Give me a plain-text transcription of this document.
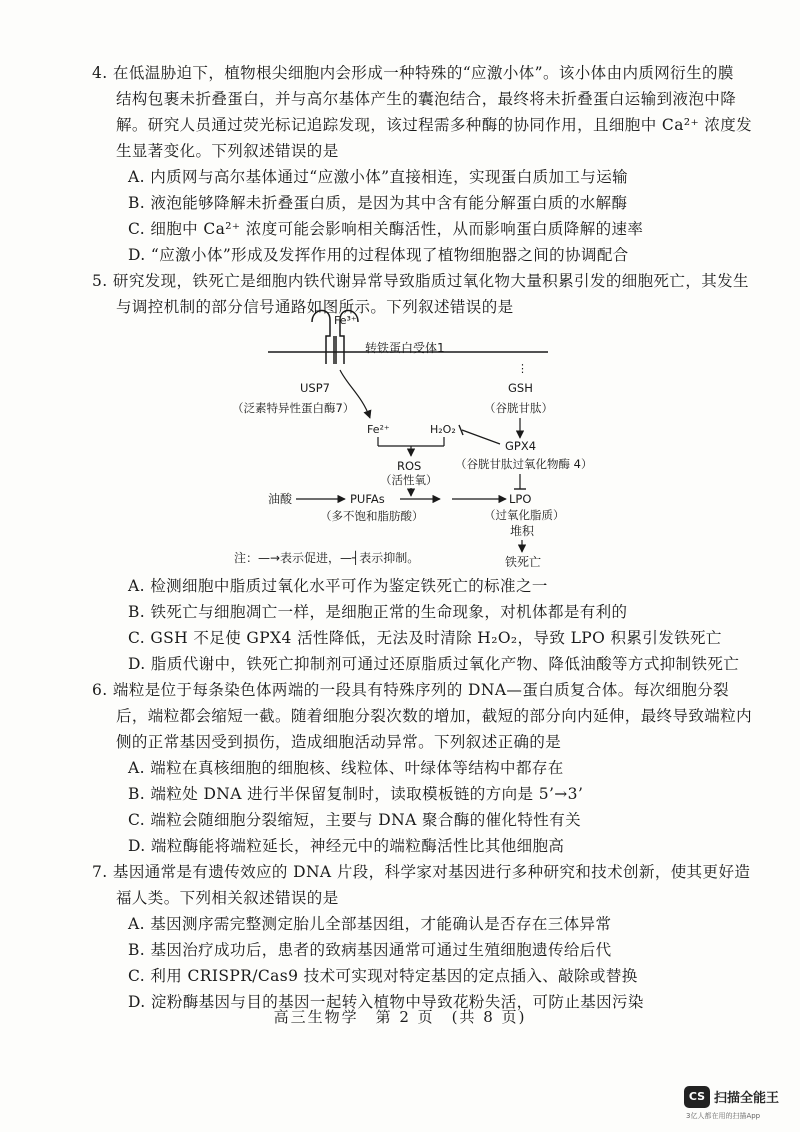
4. 在低温胁迫下，植物根尖细胞内会形成一种特殊的“应激小体”。该小体由内质网衍生的膜
结构包裹未折叠蛋白，并与高尔基体产生的囊泡结合，最终将未折叠蛋白运输到液泡中降
解。研究人员通过荧光标记追踪发现，该过程需多种酶的协同作用，且细胞中 Ca²⁺ 浓度发
生显著变化。下列叙述错误的是
A. 内质网与高尔基体通过“应激小体”直接相连，实现蛋白质加工与运输
B. 液泡能够降解未折叠蛋白质，是因为其中含有能分解蛋白质的水解酶
C. 细胞中 Ca²⁺ 浓度可能会影响相关酶活性，从而影响蛋白质降解的速率
D. “应激小体”形成及发挥作用的过程体现了植物细胞器之间的协调配合
5. 研究发现，铁死亡是细胞内铁代谢异常导致脂质过氧化物大量积累引发的细胞死亡，其发生
与调控机制的部分信号通路如图所示。下列叙述错误的是
Fe³⁺
转铁蛋白受体1
USP7
（泛素特异性蛋白酶7）
Fe²⁺	H₂O₂
⋮
GSH
（谷胱甘肽）
GPX4
（谷胱甘肽过氧化物酶 4）
ROS
（活性氧）
油酸	PUFAs
（多不饱和脂肪酸）
LPO
（过氧化脂质）
堆积
注：—→表示促进，—┤表示抑制。	铁死亡
A. 检测细胞中脂质过氧化水平可作为鉴定铁死亡的标准之一
B. 铁死亡与细胞凋亡一样，是细胞正常的生命现象，对机体都是有利的
C. GSH 不足使 GPX4 活性降低，无法及时清除 H₂O₂，导致 LPO 积累引发铁死亡
D. 脂质代谢中，铁死亡抑制剂可通过还原脂质过氧化产物、降低油酸等方式抑制铁死亡
6. 端粒是位于每条染色体两端的一段具有特殊序列的 DNA—蛋白质复合体。每次细胞分裂
后，端粒都会缩短一截。随着细胞分裂次数的增加，截短的部分向内延伸，最终导致端粒内
侧的正常基因受到损伤，造成细胞活动异常。下列叙述正确的是
A. 端粒在真核细胞的细胞核、线粒体、叶绿体等结构中都存在
B. 端粒处 DNA 进行半保留复制时，读取模板链的方向是 5’→3’
C. 端粒会随细胞分裂缩短，主要与 DNA 聚合酶的催化特性有关
D. 端粒酶能将端粒延长，神经元中的端粒酶活性比其他细胞高
7. 基因通常是有遗传效应的 DNA 片段，科学家对基因进行多种研究和技术创新，使其更好造
福人类。下列相关叙述错误的是
A. 基因测序需完整测定胎儿全部基因组，才能确认是否存在三体异常
B. 基因治疗成功后，患者的致病基因通常可通过生殖细胞遗传给后代
C. 利用 CRISPR/Cas9 技术可实现对特定基因的定点插入、敲除或替换
D. 淀粉酶基因与目的基因一起转入植物中导致花粉失活，可防止基因污染
高三生物学　第 2 页　(共 8 页)
CS 扫描全能王
3亿人都在用的扫描App
